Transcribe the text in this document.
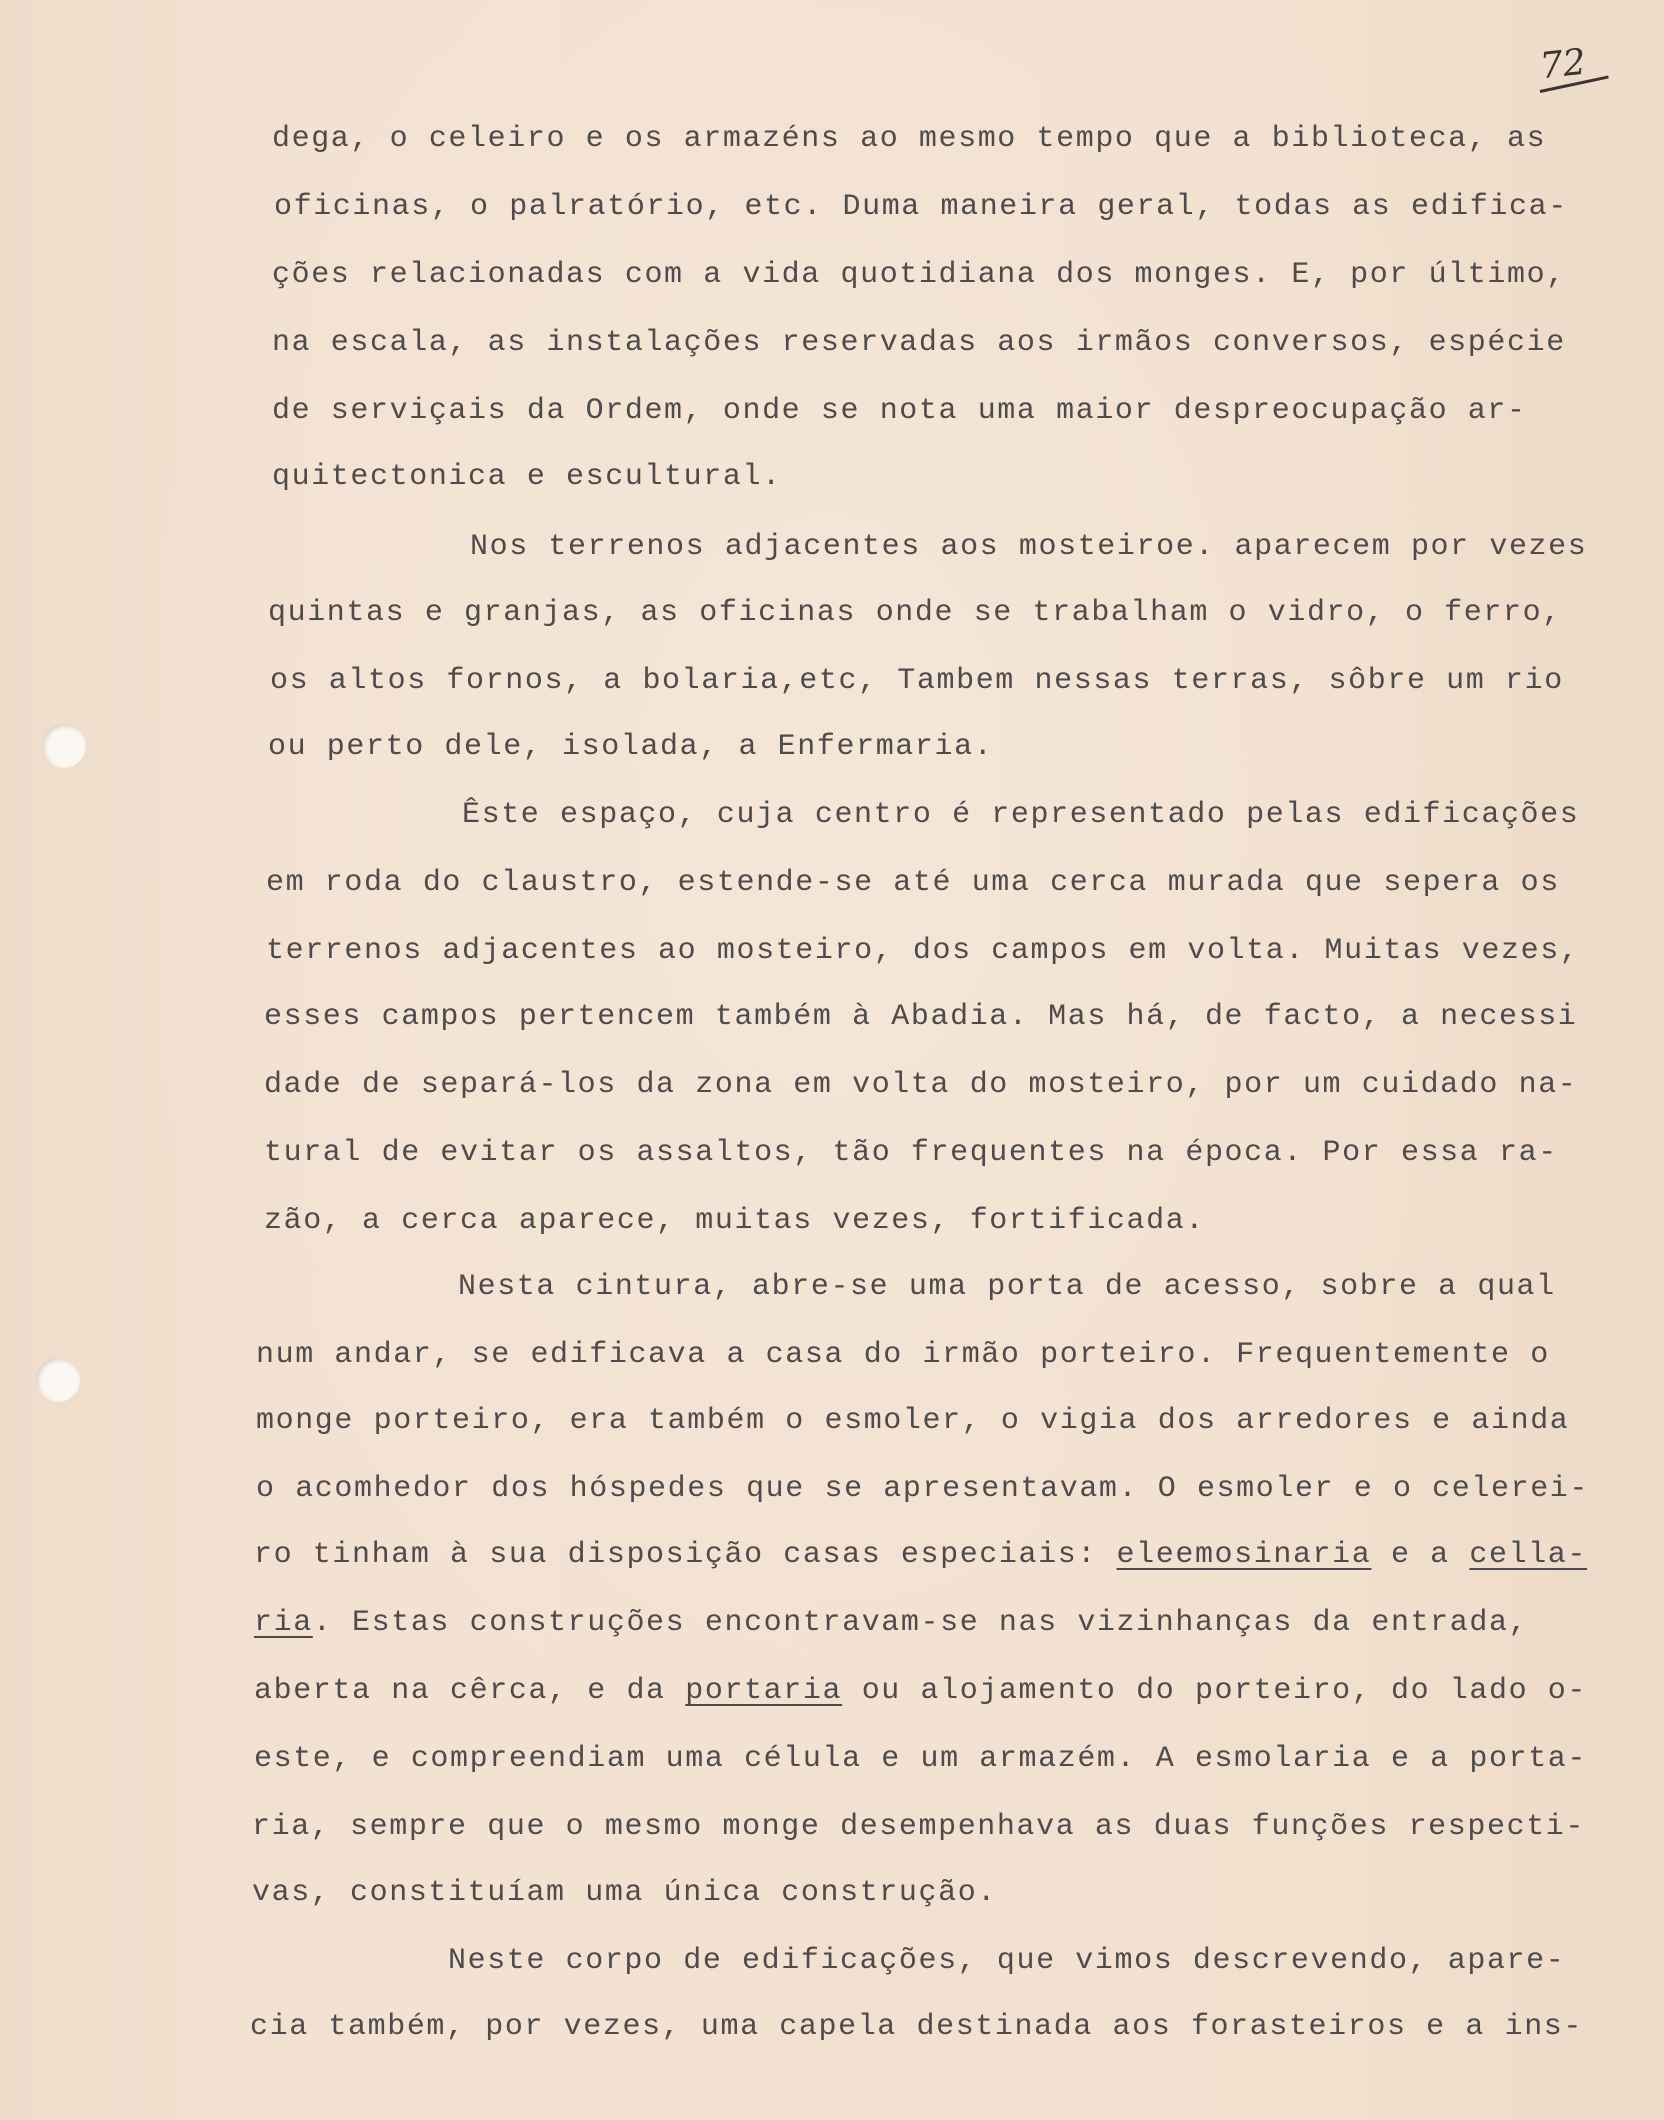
72
dega, o celeiro e os armazéns ao mesmo tempo que a biblioteca, as
oficinas, o palratório, etc. Duma maneira geral, todas as edifica-
ções relacionadas com a vida quotidiana dos monges. E, por último,
na escala, as instalações reservadas aos irmãos conversos, espécie
de serviçais da Ordem, onde se nota uma maior despreocupação ar-
quitectonica e escultural.
Nos terrenos adjacentes aos mosteiroe. aparecem por vezes
quintas e granjas, as oficinas onde se trabalham o vidro, o ferro,
os altos fornos, a bolaria,etc, Tambem nessas terras, sôbre um rio
ou perto dele, isolada, a Enfermaria.
Êste espaço, cuja centro é representado pelas edificações
em roda do claustro, estende-se até uma cerca murada que sepera os
terrenos adjacentes ao mosteiro, dos campos em volta. Muitas vezes,
esses campos pertencem também à Abadia. Mas há, de facto, a necessi
dade de separá-los da zona em volta do mosteiro, por um cuidado na-
tural de evitar os assaltos, tão frequentes na época. Por essa ra-
zão, a cerca aparece, muitas vezes, fortificada.
Nesta cintura, abre-se uma porta de acesso, sobre a qual
num andar, se edificava a casa do irmão porteiro. Frequentemente o
monge porteiro, era também o esmoler, o vigia dos arredores e ainda
o acomhedor dos hóspedes que se apresentavam. O esmoler e o celerei-
ro tinham à sua disposição casas especiais: eleemosinaria e a cella-
ria. Estas construções encontravam-se nas vizinhanças da entrada,
aberta na cêrca, e da portaria ou alojamento do porteiro, do lado o-
este, e compreendiam uma célula e um armazém. A esmolaria e a porta-
ria, sempre que o mesmo monge desempenhava as duas funções respecti-
vas, constituíam uma única construção.
Neste corpo de edificações, que vimos descrevendo, apare-
cia também, por vezes, uma capela destinada aos forasteiros e a ins-
